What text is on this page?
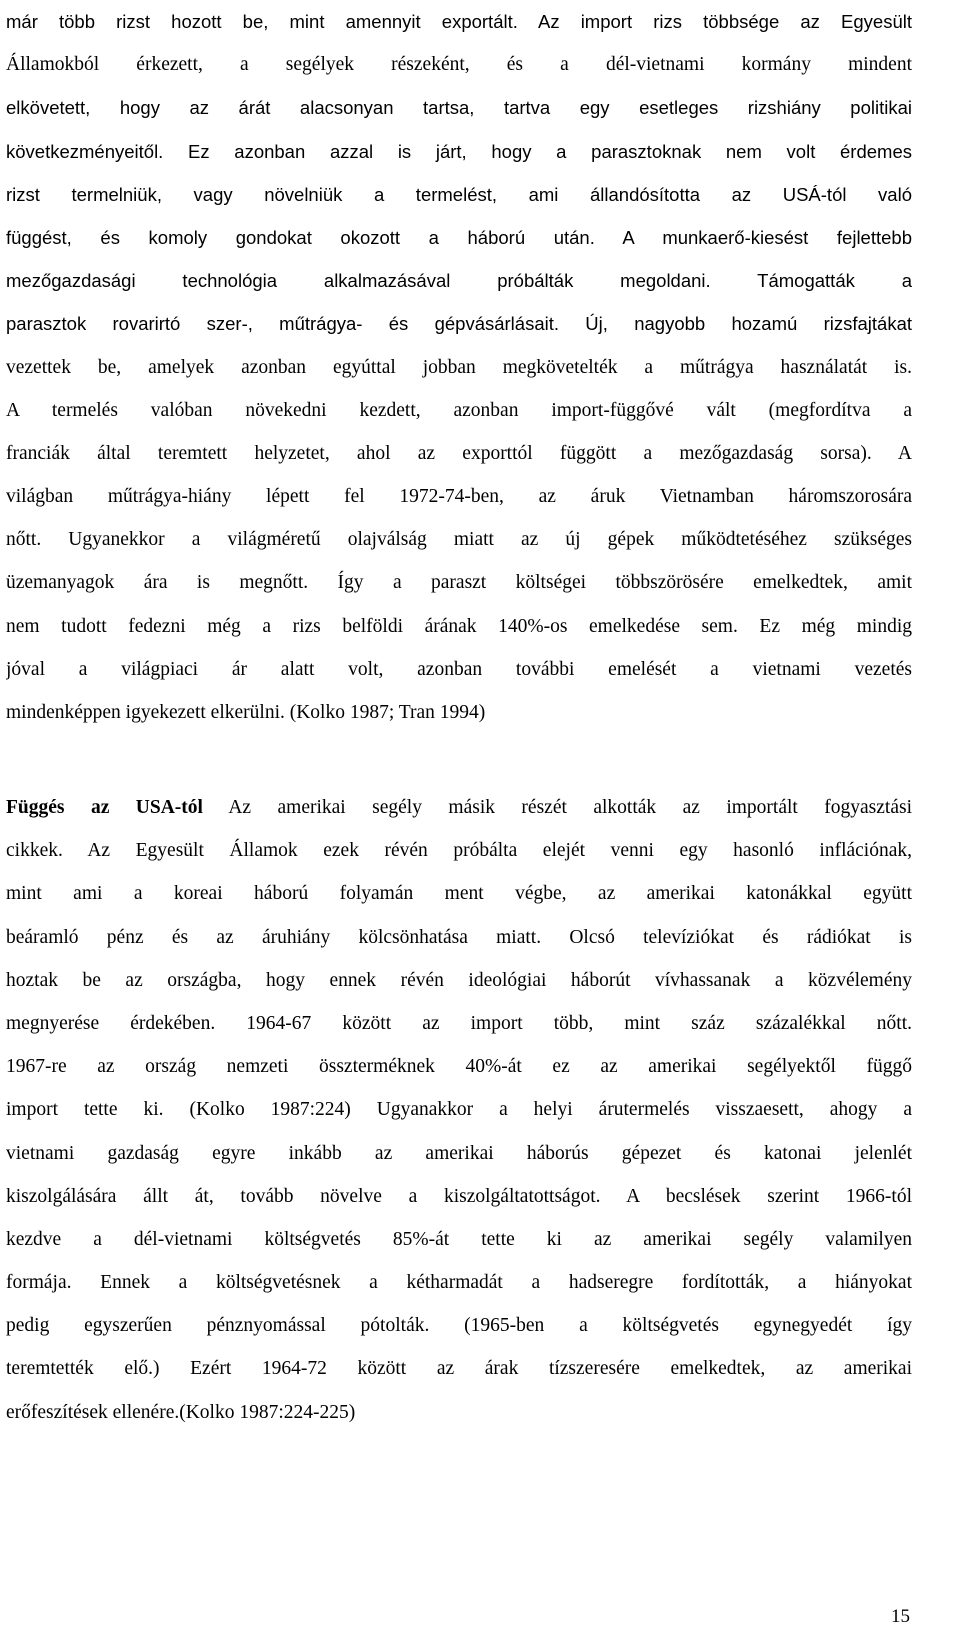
már több rizst hozott be, mint amennyit exportált. Az import rizs többsége az Egyesült
Államokból érkezett, a segélyek részeként, és a dél-vietnami kormány mindent
elkövetett, hogy az árát alacsonyan tartsa, tartva egy esetleges rizshiány politikai
következményeitől. Ez azonban azzal is járt, hogy a parasztoknak nem volt érdemes
rizst termelniük, vagy növelniük a termelést, ami állandósította az USÁ-tól való
függést, és komoly gondokat okozott a háború után. A munkaerő-kiesést fejlettebb
mezőgazdasági technológia alkalmazásával próbálták megoldani. Támogatták a
parasztok rovarirtó szer-, műtrágya- és gépvásárlásait. Új, nagyobb hozamú rizsfajtákat
vezettek be, amelyek azonban egyúttal jobban megkövetelték a műtrágya használatát is.
A termelés valóban növekedni kezdett, azonban import-függővé vált (megfordítva a
franciák által teremtett helyzetet, ahol az exporttól függött a mezőgazdaság sorsa). A
világban műtrágya-hiány lépett fel 1972-74-ben, az áruk Vietnamban háromszorosára
nőtt. Ugyanekkor a világméretű olajválság miatt az új gépek működtetéséhez szükséges
üzemanyagok ára is megnőtt. Így a paraszt költségei többszörösére emelkedtek, amit
nem tudott fedezni még a rizs belföldi árának 140%-os emelkedése sem. Ez még mindig
jóval a világpiaci ár alatt volt, azonban további emelését a vietnami vezetés
mindenképpen igyekezett elkerülni. (Kolko 1987; Tran 1994)
Függés az USA-tól Az amerikai segély másik részét alkották az importált fogyasztási
cikkek. Az Egyesült Államok ezek révén próbálta elejét venni egy hasonló inflációnak,
mint ami a koreai háború folyamán ment végbe, az amerikai katonákkal együtt
beáramló pénz és az áruhiány kölcsönhatása miatt. Olcsó televíziókat és rádiókat is
hoztak be az országba, hogy ennek révén ideológiai háborút vívhassanak a közvélemény
megnyerése érdekében. 1964-67 között az import több, mint száz százalékkal nőtt.
1967-re az ország nemzeti összterméknek 40%-át ez az amerikai segélyektől függő
import tette ki. (Kolko 1987:224) Ugyanakkor a helyi árutermelés visszaesett, ahogy a
vietnami gazdaság egyre inkább az amerikai háborús gépezet és katonai jelenlét
kiszolgálására állt át, tovább növelve a kiszolgáltatottságot. A becslések szerint 1966-tól
kezdve a dél-vietnami költségvetés 85%-át tette ki az amerikai segély valamilyen
formája. Ennek a költségvetésnek a kétharmadát a hadseregre fordították, a hiányokat
pedig egyszerűen pénznyomással pótolták. (1965-ben a költségvetés egynegyedét így
teremtették elő.) Ezért 1964-72 között az árak tízszeresére emelkedtek, az amerikai
erőfeszítések ellenére.(Kolko 1987:224-225)
15
